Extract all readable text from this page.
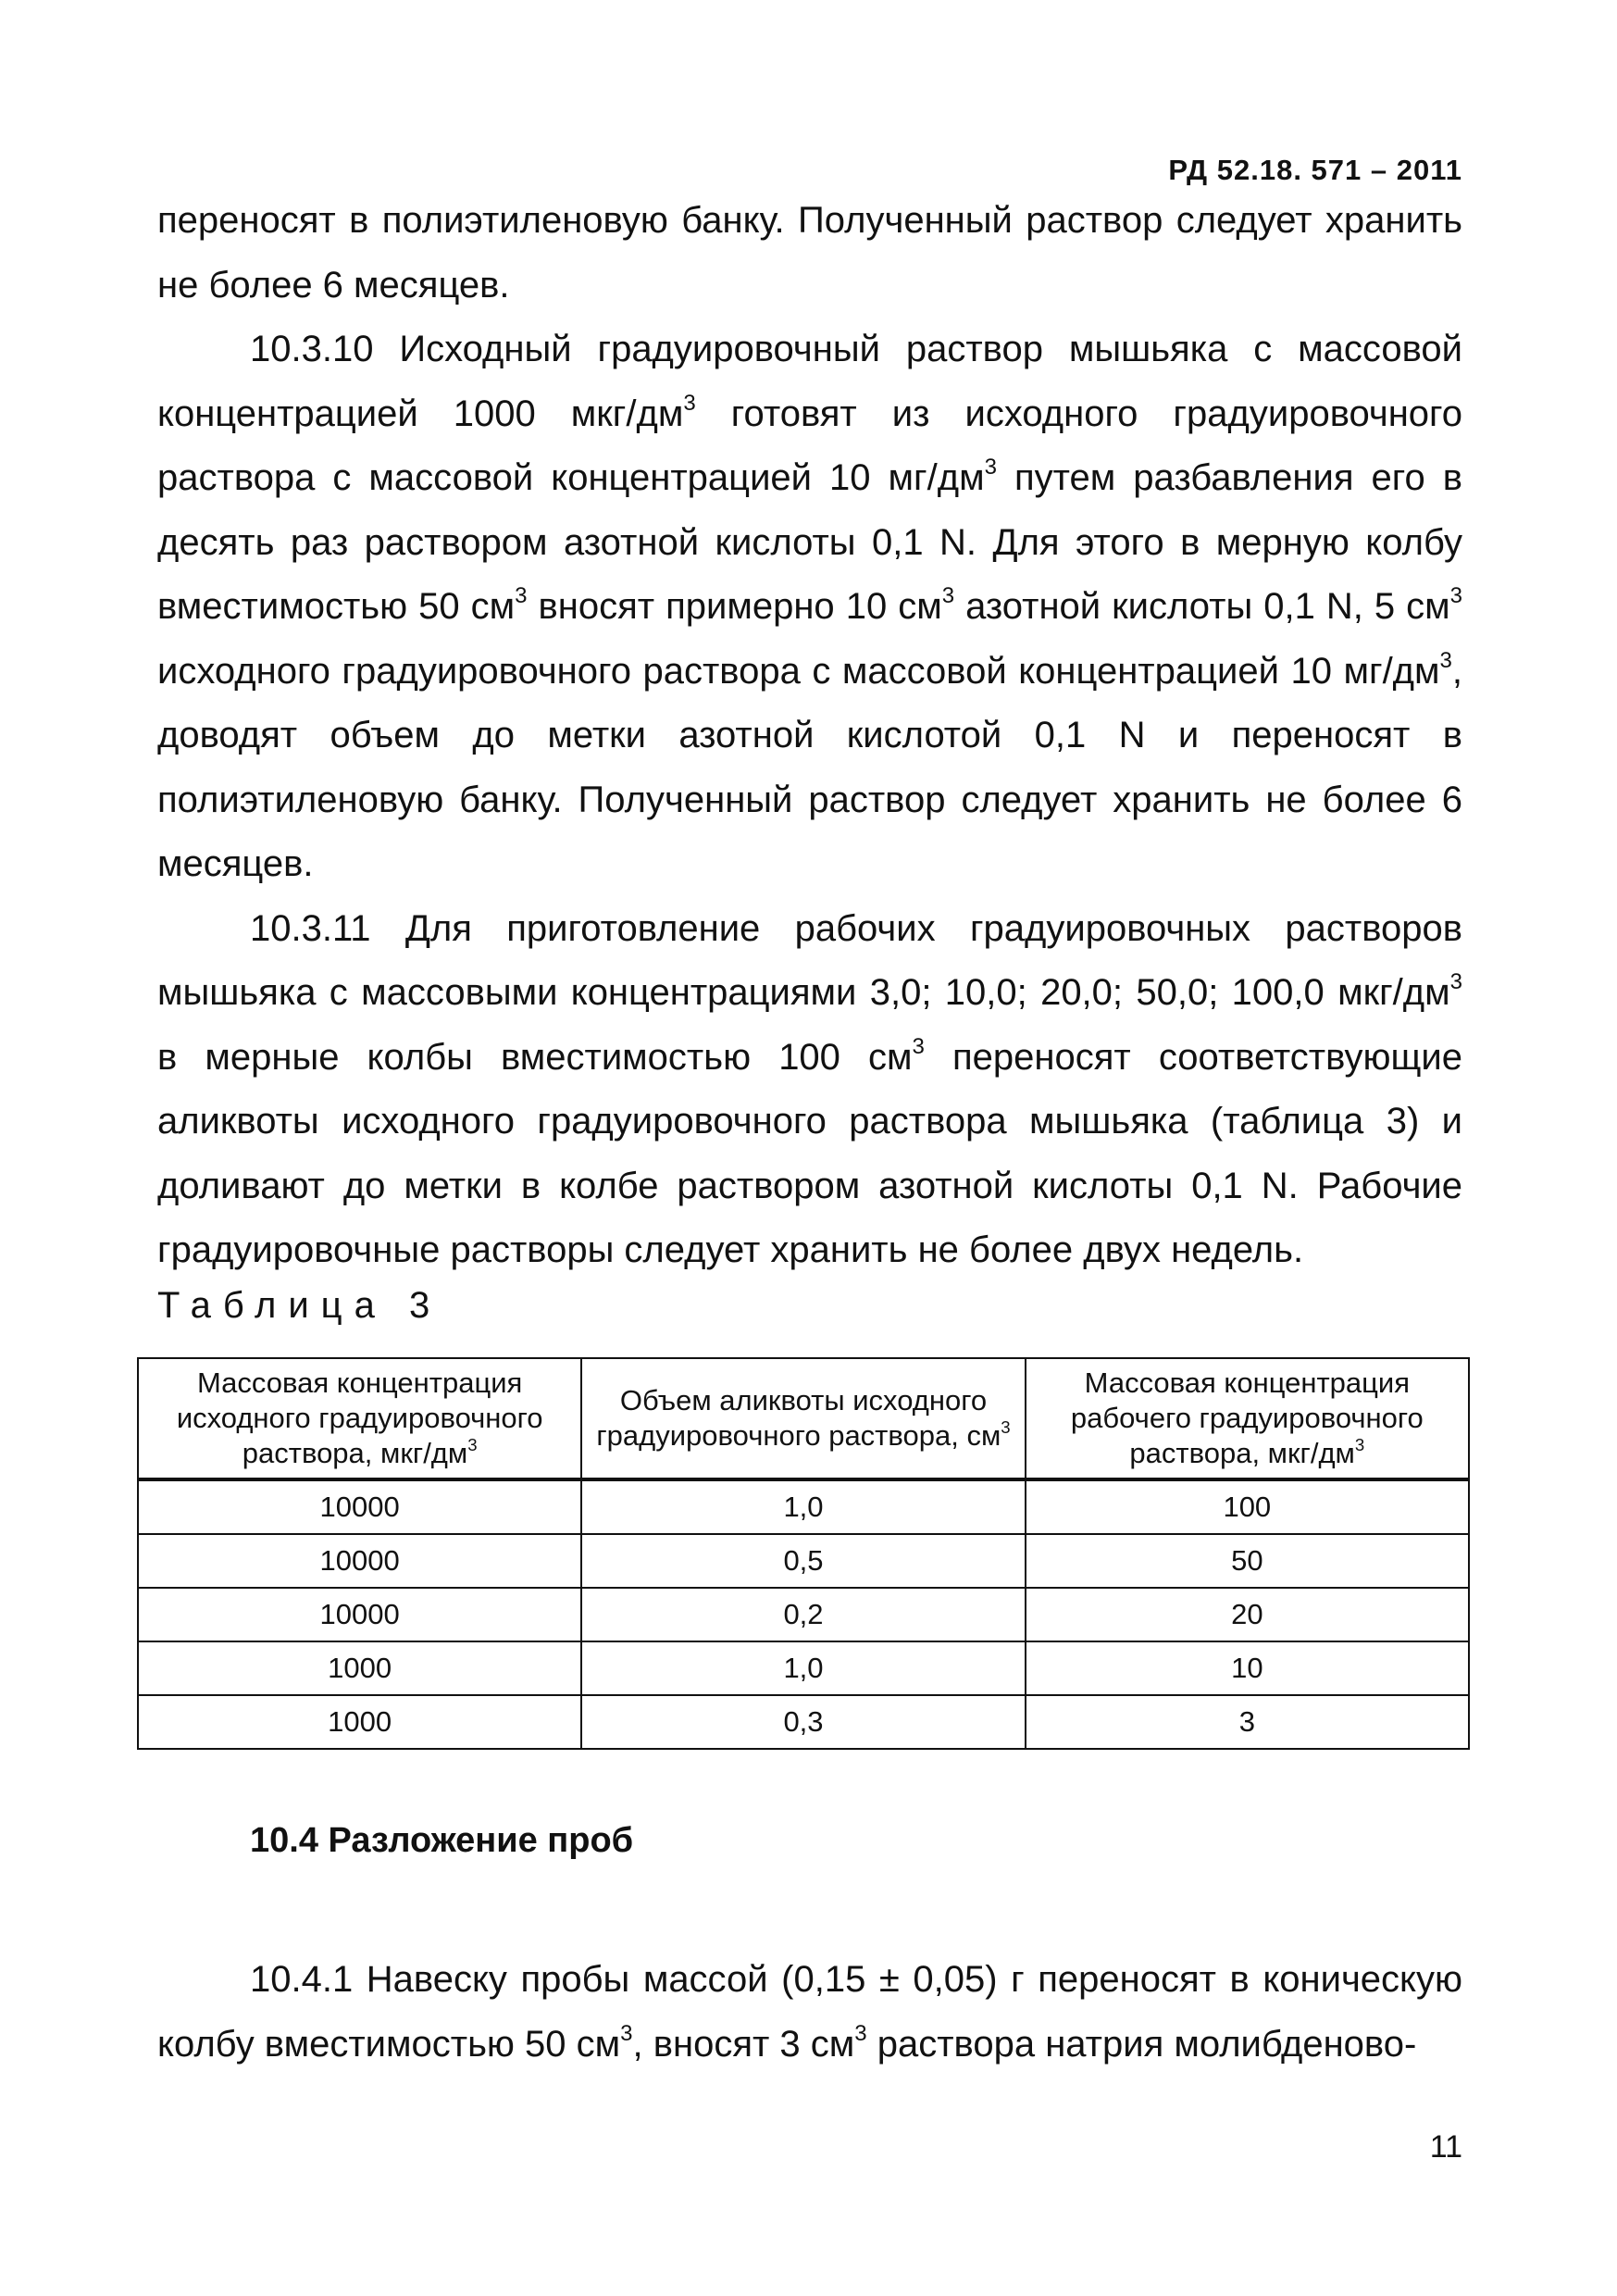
РД 52.18. 571 – 2011

переносят в полиэтиленовую банку. Полученный раствор следует хранить не более 6 месяцев.

10.3.10 Исходный градуировочный раствор мышьяка с массовой концентрацией 1000 мкг/$дм^3$ готовят из исходного градуировочного раствора с массовой концентрацией 10 $мг/дм^3$ путем разбавления его в десять раз раствором азотной кислоты 0,1 N. Для этого в мерную колбу вместимостью 50 $см^3$ вносят примерно 10 $см^3$ азотной кислоты 0,1 N, 5 $см^3$ исходного градуировочного раствора с массовой концентрацией 10 $мг/дм^3$, доводят объем до метки азотной кислотой 0,1 N и переносят в полиэтиленовую банку. Полученный раствор следует хранить не более 6 месяцев.

10.3.11 Для приготовление рабочих градуировочных растворов мышьяка с массовыми концентрациями 3,0; 10,0; 20,0; 50,0; 100,0 мкг/$дм^3$ в мерные колбы вместимостью 100 $см^3$ переносят соответствующие аликвоты исходного градуировочного раствора мышьяка (таблица 3) и доливают до метки в колбе раствором азотной кислоты 0,1 N. Рабочие градуировочные растворы следует хранить не более двух недель.

Таблица 3
Массовая концентрация исходного градуировочного раствора, мкг/$дм^3$	Объем аликвоты исходного градуировочного раствора, $см^3$	Массовая концентрация рабочего градуировочного раствора, мкг/$дм^3$
10000	1,0	100
10000	0,5	50
10000	0,2	20
1000	1,0	10
1000	0,3	3
10.4 Разложение проб

10.4.1 Навеску пробы массой (0,15 ± 0,05) г переносят в коническую колбу вместимостью 50 $см^3$, вносят 3 $см^3$ раствора натрия молибденово-

11
